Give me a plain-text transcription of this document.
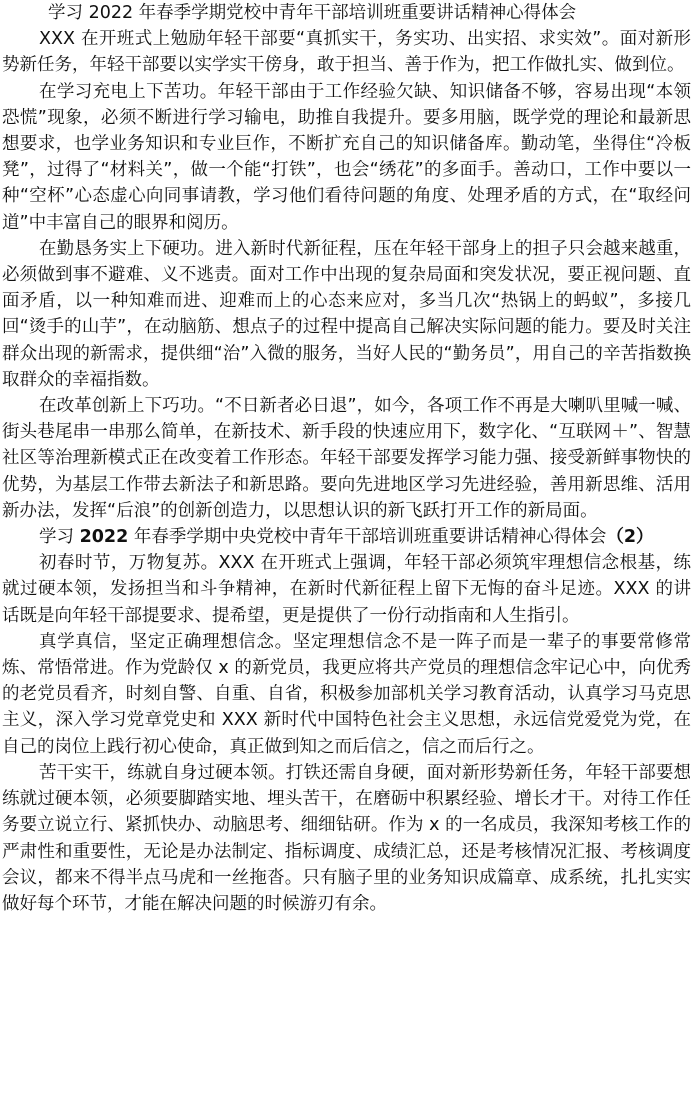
学习 2022 年春季学期党校中青年干部培训班重要讲话精神心得体会

XXX 在开班式上勉励年轻干部要“真抓实干，务实功、出实招、求实效”。面对新形势新任务，年轻干部要以实学实干傍身，敢于担当、善于作为，把工作做扎实、做到位。

在学习充电上下苦功。年轻干部由于工作经验欠缺、知识储备不够，容易出现“本领恐慌”现象，必须不断进行学习输电，助推自我提升。要多用脑，既学党的理论和最新思想要求，也学业务知识和专业巨作，不断扩充自己的知识储备库。勤动笔，坐得住“冷板凳”，过得了“材料关”，做一个能“打铁”，也会“绣花”的多面手。善动口，工作中要以一种“空杯”心态虚心向同事请教，学习他们看待问题的角度、处理矛盾的方式，在“取经问道”中丰富自己的眼界和阅历。

在勤恳务实上下硬功。进入新时代新征程，压在年轻干部身上的担子只会越来越重，必须做到事不避难、义不逃责。面对工作中出现的复杂局面和突发状况，要正视问题、直面矛盾，以一种知难而进、迎难而上的心态来应对，多当几次“热锅上的蚂蚁”，多接几回“烫手的山芋”，在动脑筋、想点子的过程中提高自己解决实际问题的能力。要及时关注群众出现的新需求，提供细“治”入微的服务，当好人民的“勤务员”，用自己的辛苦指数换取群众的幸福指数。

在改革创新上下巧功。“不日新者必日退”，如今，各项工作不再是大喇叭里喊一喊、街头巷尾串一串那么简单，在新技术、新手段的快速应用下，数字化、“互联网＋”、智慧社区等治理新模式正在改变着工作形态。年轻干部要发挥学习能力强、接受新鲜事物快的优势，为基层工作带去新法子和新思路。要向先进地区学习先进经验，善用新思维、活用新办法，发挥“后浪”的创新创造力，以思想认识的新飞跃打开工作的新局面。

学习 2022 年春季学期中央党校中青年干部培训班重要讲话精神心得体会（2）

初春时节，万物复苏。XXX 在开班式上强调，年轻干部必须筑牢理想信念根基，练就过硬本领，发扬担当和斗争精神，在新时代新征程上留下无悔的奋斗足迹。XXX 的讲话既是向年轻干部提要求、提希望，更是提供了一份行动指南和人生指引。

真学真信，坚定正确理想信念。坚定理想信念不是一阵子而是一辈子的事要常修常炼、常悟常进。作为党龄仅 x 的新党员，我更应将共产党员的理想信念牢记心中，向优秀的老党员看齐，时刻自警、自重、自省，积极参加部机关学习教育活动，认真学习马克思主义，深入学习党章党史和 XXX 新时代中国特色社会主义思想，永远信党爱党为党，在自己的岗位上践行初心使命，真正做到知之而后信之，信之而后行之。

苦干实干，练就自身过硬本领。打铁还需自身硬，面对新形势新任务，年轻干部要想练就过硬本领，必须要脚踏实地、埋头苦干，在磨砺中积累经验、增长才干。对待工作任务要立说立行、紧抓快办、动脑思考、细细钻研。作为 x 的一名成员，我深知考核工作的严肃性和重要性，无论是办法制定、指标调度、成绩汇总，还是考核情况汇报、考核调度会议，都来不得半点马虎和一丝拖沓。只有脑子里的业务知识成篇章、成系统，扎扎实实做好每个环节，才能在解决问题的时候游刃有余。
